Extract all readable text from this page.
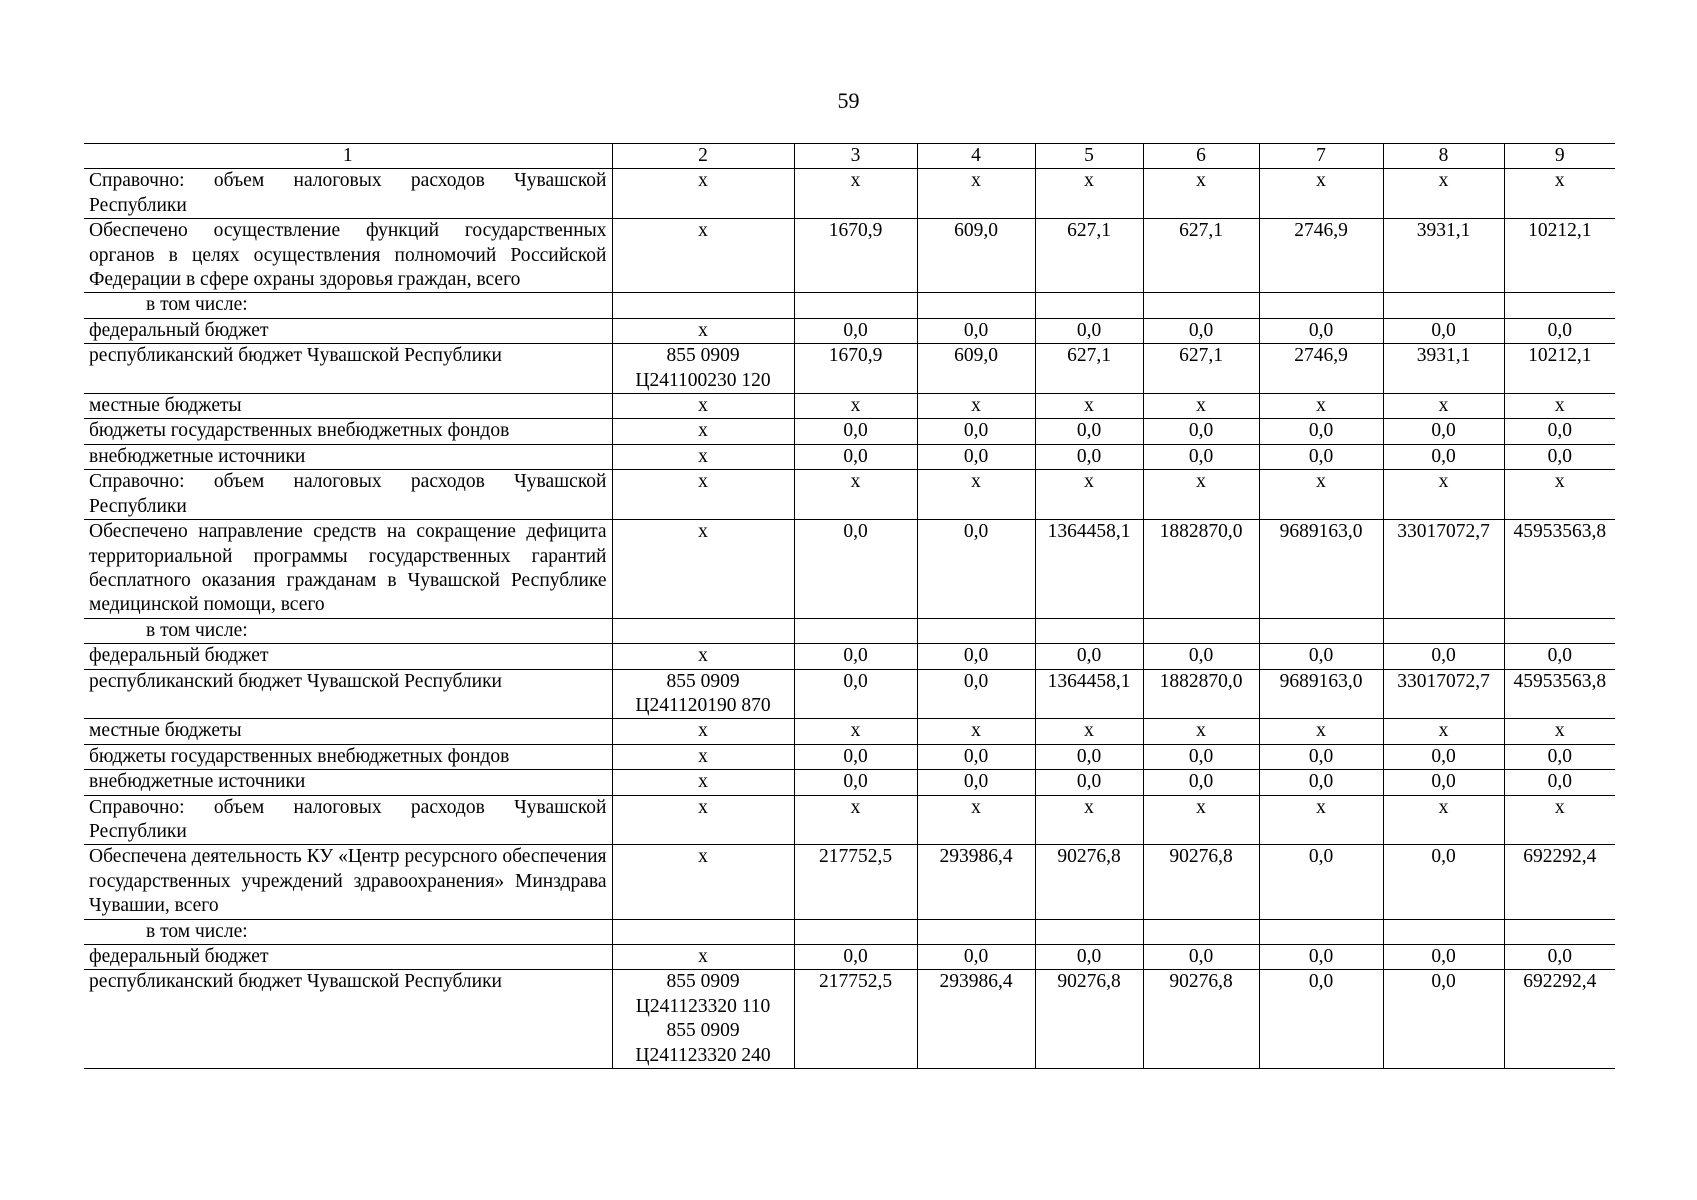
59
1	2	3	4	5	6	7	8	9
Справочно: объем налоговых расходов Чувашской Республики	х	х	х	х	х	х	х	х
Обеспечено осуществление функций государственных органов в целях осуществления полномочий Российской Федерации в сфере охраны здоровья граждан, всего	х	1670,9	609,0	627,1	627,1	2746,9	3931,1	10212,1
в том числе:								
федеральный бюджет	х	0,0	0,0	0,0	0,0	0,0	0,0	0,0
республиканский бюджет Чувашской Республики	855 0909
Ц241100230 120	1670,9	609,0	627,1	627,1	2746,9	3931,1	10212,1
местные бюджеты	х	х	х	х	х	х	х	х
бюджеты государственных внебюджетных фондов	х	0,0	0,0	0,0	0,0	0,0	0,0	0,0
внебюджетные источники	х	0,0	0,0	0,0	0,0	0,0	0,0	0,0
Справочно: объем налоговых расходов Чувашской Республики	х	х	х	х	х	х	х	х
Обеспечено направление средств на сокращение дефицита территориальной программы государственных гарантий бесплатного оказания гражданам в Чувашской Республике медицинской помощи, всего	х	0,0	0,0	1364458,1	1882870,0	9689163,0	33017072,7	45953563,8
в том числе:								
федеральный бюджет	х	0,0	0,0	0,0	0,0	0,0	0,0	0,0
республиканский бюджет Чувашской Республики	855 0909
Ц241120190 870	0,0	0,0	1364458,1	1882870,0	9689163,0	33017072,7	45953563,8
местные бюджеты	х	х	х	х	х	х	х	х
бюджеты государственных внебюджетных фондов	х	0,0	0,0	0,0	0,0	0,0	0,0	0,0
внебюджетные источники	х	0,0	0,0	0,0	0,0	0,0	0,0	0,0
Справочно: объем налоговых расходов Чувашской Республики	х	х	х	х	х	х	х	х
Обеспечена деятельность КУ «Центр ресурсного обеспечения государственных учреждений здравоохранения» Минздрава Чувашии, всего	х	217752,5	293986,4	90276,8	90276,8	0,0	0,0	692292,4
в том числе:								
федеральный бюджет	х	0,0	0,0	0,0	0,0	0,0	0,0	0,0
республиканский бюджет Чувашской Республики	855 0909
Ц241123320 110
855 0909
Ц241123320 240	217752,5	293986,4	90276,8	90276,8	0,0	0,0	692292,4
